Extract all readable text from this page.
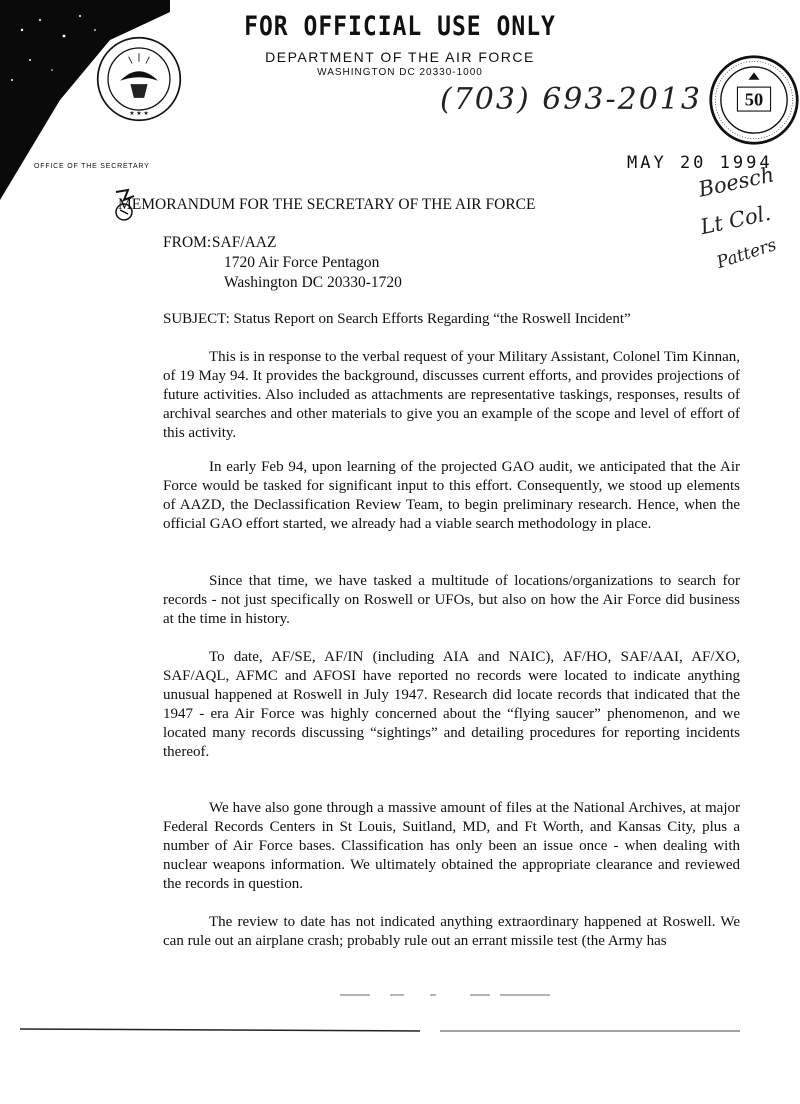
★ ★ ★
50
FOR OFFICIAL USE ONLY
DEPARTMENT OF THE AIR FORCE
WASHINGTON DC 20330-1000
(703) 693-2013
OFFICE OF THE SECRETARY	MAY 20 1994
Boesch
Lt Col.
Patters
MEMORANDUM FOR THE SECRETARY OF THE AIR FORCE
FROM: SAF/AAZ
1720 Air Force Pentagon
Washington DC 20330-1720
SUBJECT: Status Report on Search Efforts Regarding “the Roswell Incident”

This is in response to the verbal request of your Military Assistant, Colonel Tim Kinnan, of 19 May 94. It provides the background, discusses current efforts, and provides projections of future activities. Also included as attachments are representative taskings, responses, results of archival searches and other materials to give you an example of the scope and level of effort of this activity.

In early Feb 94, upon learning of the projected GAO audit, we anticipated that the Air Force would be tasked for significant input to this effort. Consequently, we stood up elements of AAZD, the Declassification Review Team, to begin preliminary research. Hence, when the official GAO effort started, we already had a viable search methodology in place.

Since that time, we have tasked a multitude of locations/organizations to search for records - not just specifically on Roswell or UFOs, but also on how the Air Force did business at the time in history.

To date, AF/SE, AF/IN (including AIA and NAIC), AF/HO, SAF/AAI, AF/XO, SAF/AQL, AFMC and AFOSI have reported no records were located to indicate anything unusual happened at Roswell in July 1947. Research did locate records that indicated that the 1947 - era Air Force was highly concerned about the “flying saucer” phenomenon, and we located many records discussing “sightings” and detailing procedures for reporting incidents thereof.

We have also gone through a massive amount of files at the National Archives, at major Federal Records Centers in St Louis, Suitland, MD, and Ft Worth, and Kansas City, plus a number of Air Force bases. Classification has only been an issue once - when dealing with nuclear weapons information. We ultimately obtained the appropriate clearance and reviewed the records in question.

The review to date has not indicated anything extraordinary happened at Roswell. We can rule out an airplane crash; probably rule out an errant missile test (the Army has
